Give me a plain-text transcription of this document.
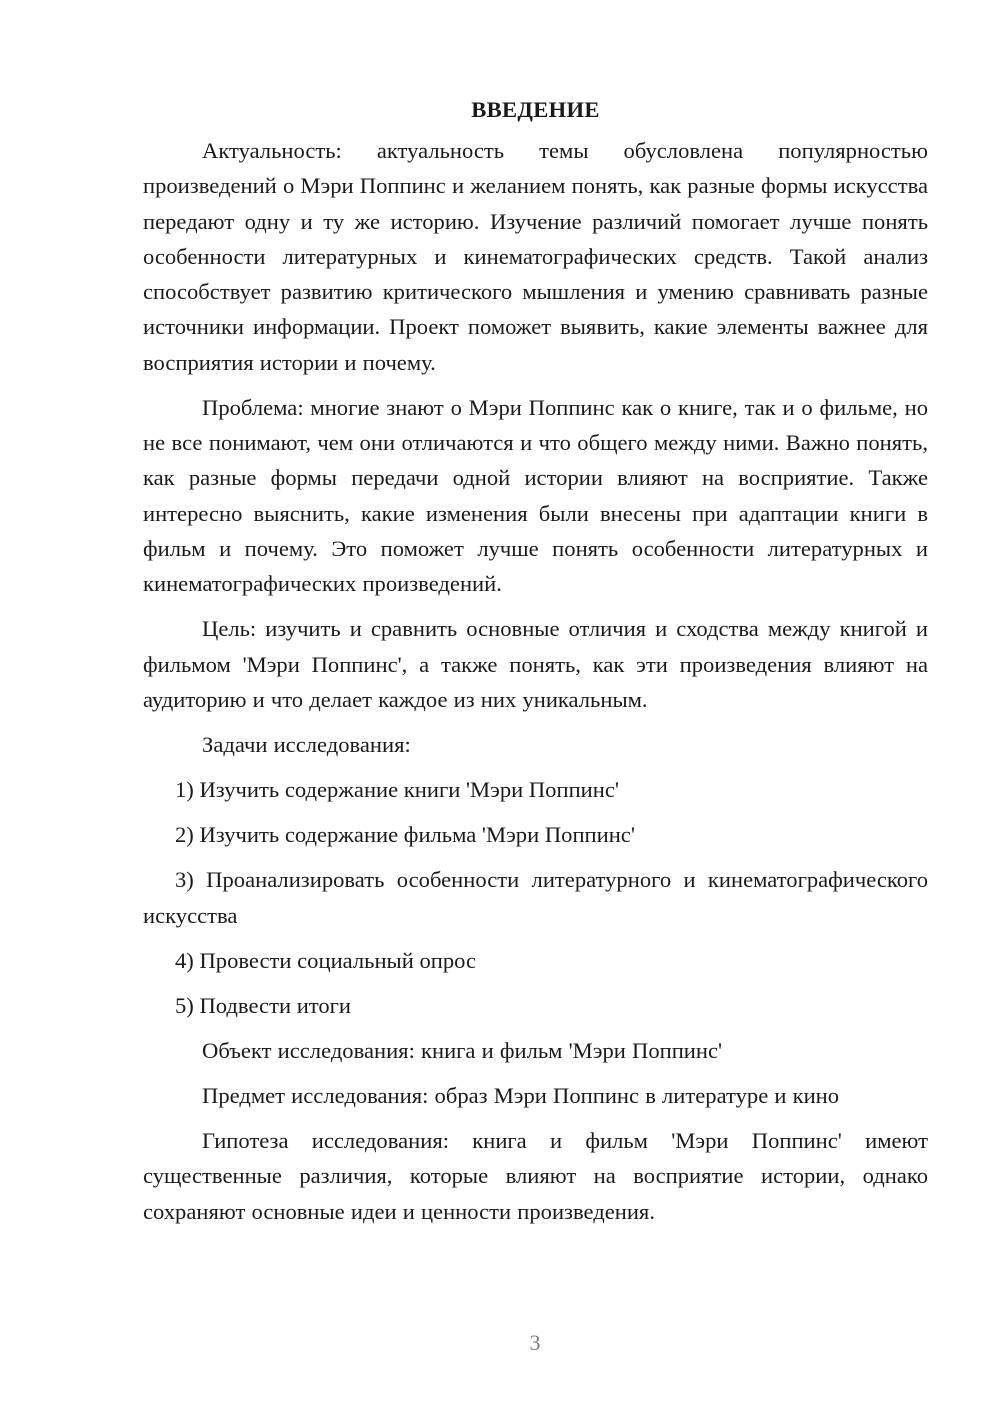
ВВЕДЕНИЕ

Актуальность: актуальность темы обусловлена популярностью произведений о Мэри Поппинс и желанием понять, как разные формы искусства передают одну и ту же историю. Изучение различий помогает лучше понять особенности литературных и кинематографических средств. Такой анализ способствует развитию критического мышления и умению сравнивать разные источники информации. Проект поможет выявить, какие элементы важнее для восприятия истории и почему.

Проблема: многие знают о Мэри Поппинс как о книге, так и о фильме, но не все понимают, чем они отличаются и что общего между ними. Важно понять, как разные формы передачи одной истории влияют на восприятие. Также интересно выяснить, какие изменения были внесены при адаптации книги в фильм и почему. Это поможет лучше понять особенности литературных и кинематографических произведений.

Цель: изучить и сравнить основные отличия и сходства между книгой и фильмом 'Мэри Поппинс', а также понять, как эти произведения влияют на аудиторию и что делает каждое из них уникальным.

Задачи исследования:

1) Изучить содержание книги 'Мэри Поппинс'

2) Изучить содержание фильма 'Мэри Поппинс'

3) Проанализировать особенности литературного и кинематографического искусства

4) Провести социальный опрос

5) Подвести итоги

Объект исследования: книга и фильм 'Мэри Поппинс'

Предмет исследования: образ Мэри Поппинс в литературе и кино

Гипотеза исследования: книга и фильм 'Мэри Поппинс' имеют существенные различия, которые влияют на восприятие истории, однако сохраняют основные идеи и ценности произведения.

3
